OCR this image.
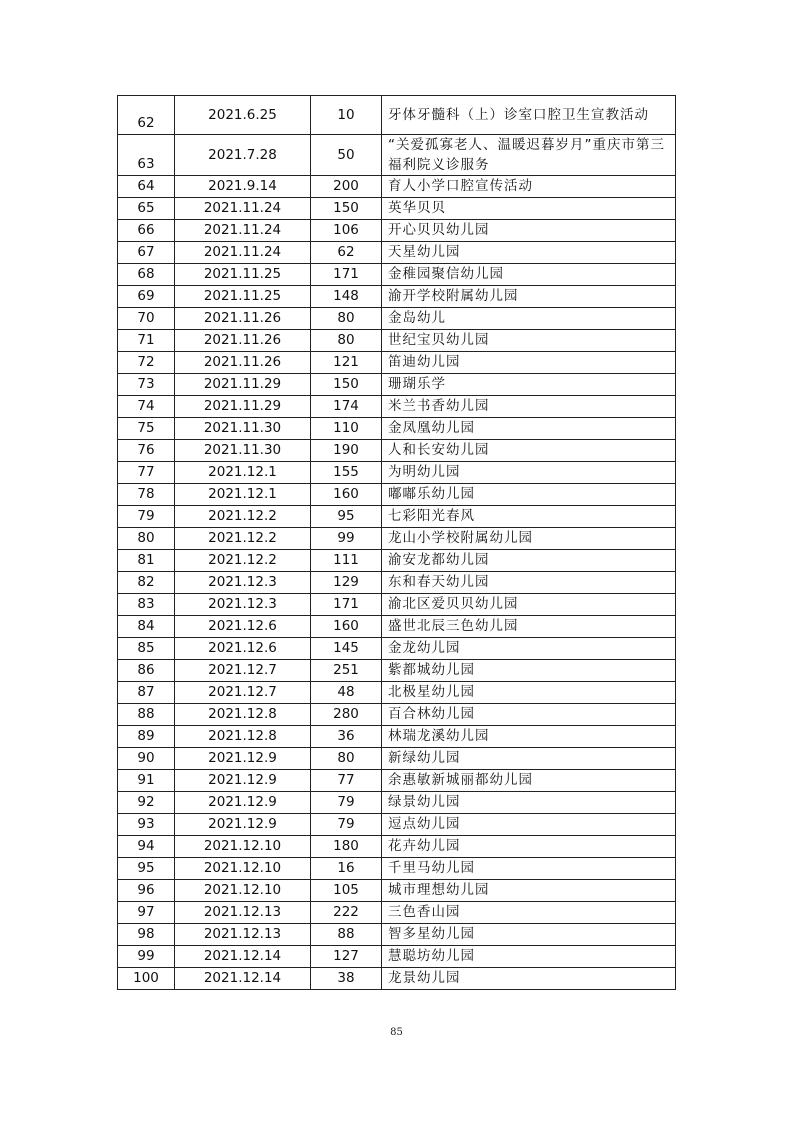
62	2021.6.25	10	牙体牙髓科（上）诊室口腔卫生宣教活动
63	2021.7.28	50	“关爱孤寡老人、温暖迟暮岁月”重庆市第三福利院义诊服务
64	2021.9.14	200	育人小学口腔宣传活动
65	2021.11.24	150	英华贝贝
66	2021.11.24	106	开心贝贝幼儿园
67	2021.11.24	62	天星幼儿园
68	2021.11.25	171	金稚园聚信幼儿园
69	2021.11.25	148	渝开学校附属幼儿园
70	2021.11.26	80	金岛幼儿
71	2021.11.26	80	世纪宝贝幼儿园
72	2021.11.26	121	笛迪幼儿园
73	2021.11.29	150	珊瑚乐学
74	2021.11.29	174	米兰书香幼儿园
75	2021.11.30	110	金凤凰幼儿园
76	2021.11.30	190	人和长安幼儿园
77	2021.12.1	155	为明幼儿园
78	2021.12.1	160	嘟嘟乐幼儿园
79	2021.12.2	95	七彩阳光春风
80	2021.12.2	99	龙山小学校附属幼儿园
81	2021.12.2	111	渝安龙都幼儿园
82	2021.12.3	129	东和春天幼儿园
83	2021.12.3	171	渝北区爱贝贝幼儿园
84	2021.12.6	160	盛世北辰三色幼儿园
85	2021.12.6	145	金龙幼儿园
86	2021.12.7	251	紫都城幼儿园
87	2021.12.7	48	北极星幼儿园
88	2021.12.8	280	百合林幼儿园
89	2021.12.8	36	林瑞龙溪幼儿园
90	2021.12.9	80	新绿幼儿园
91	2021.12.9	77	余惠敏新城丽都幼儿园
92	2021.12.9	79	绿景幼儿园
93	2021.12.9	79	逗点幼儿园
94	2021.12.10	180	花卉幼儿园
95	2021.12.10	16	千里马幼儿园
96	2021.12.10	105	城市理想幼儿园
97	2021.12.13	222	三色香山园
98	2021.12.13	88	智多星幼儿园
99	2021.12.14	127	慧聪坊幼儿园
100	2021.12.14	38	龙景幼儿园
85
